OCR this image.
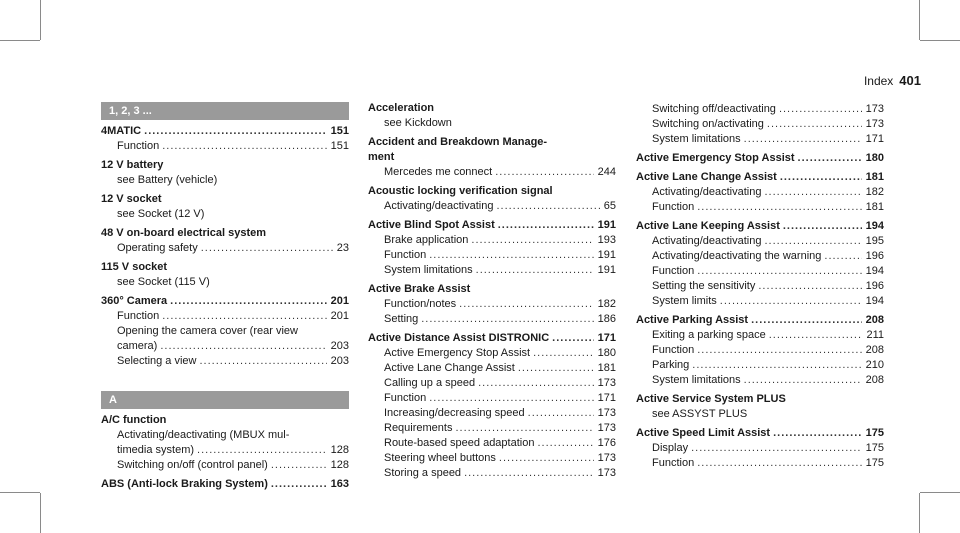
Index 401
1, 2, 3 ...
4MATIC .....	151
Function .....	151
12 V battery
see Battery (vehicle)
12 V socket
see Socket (12 V)
48 V on-board electrical system
Operating safety .....	23
115 V socket
see Socket (115 V)
360° Camera .....	201
Function .....	201
Opening the camera cover (rear view
camera) .....	203
Selecting a view .....	203
A
A/C function
Activating/deactivating (MBUX mul-
timedia system) .....	128
Switching on/off (control panel) .....	128
ABS (Anti-lock Braking System) .....	163
Acceleration
see Kickdown
Accident and Breakdown Manage-
ment
Mercedes me connect .....	244
Acoustic locking verification signal
Activating/deactivating .....	65
Active Blind Spot Assist .....	191
Brake application .....	193
Function .....	191
System limitations .....	191
Active Brake Assist
Function/notes .....	182
Setting .....	186
Active Distance Assist DISTRONIC .....	171
Active Emergency Stop Assist .....	180
Active Lane Change Assist .....	181
Calling up a speed .....	173
Function .....	171
Increasing/decreasing speed .....	173
Requirements .....	173
Route-based speed adaptation .....	176
Steering wheel buttons .....	173
Storing a speed .....	173
Switching off/deactivating .....	173
Switching on/activating .....	173
System limitations .....	171
Active Emergency Stop Assist .....	180
Active Lane Change Assist .....	181
Activating/deactivating .....	182
Function .....	181
Active Lane Keeping Assist .....	194
Activating/deactivating .....	195
Activating/deactivating the warning .....	196
Function .....	194
Setting the sensitivity .....	196
System limits .....	194
Active Parking Assist .....	208
Exiting a parking space .....	211
Function .....	208
Parking .....	210
System limitations .....	208
Active Service System PLUS
see ASSYST PLUS
Active Speed Limit Assist .....	175
Display .....	175
Function .....	175
